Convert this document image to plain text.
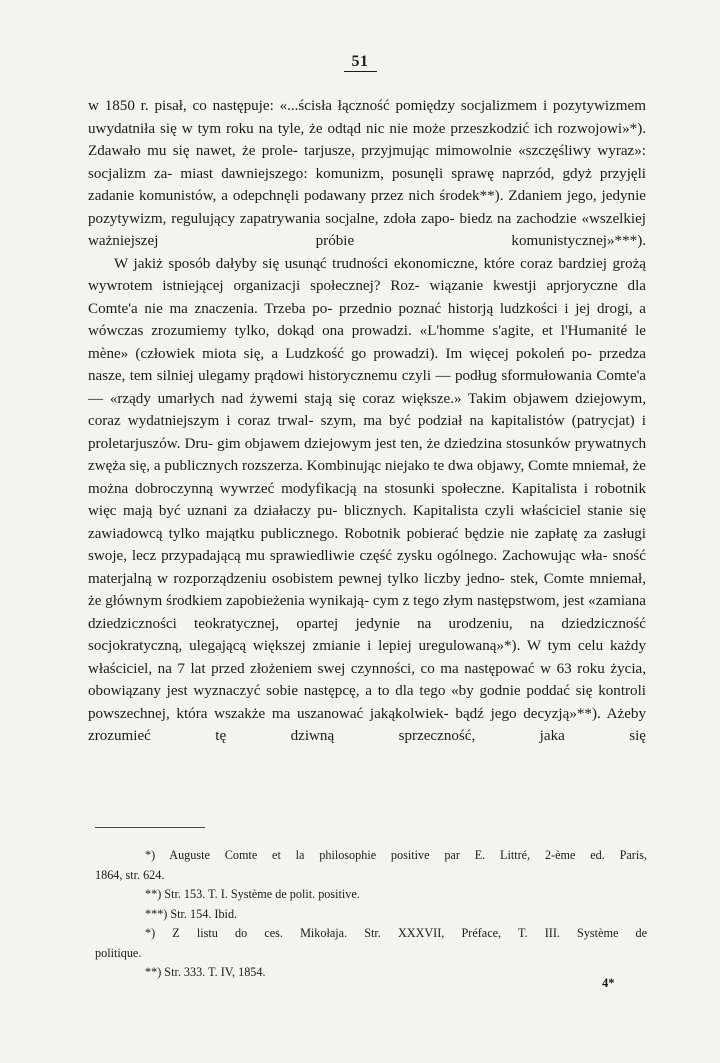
51

w 1850 r. pisał, co następuje: «...ścisła łączność pomiędzy socjalizmem i pozytywizmem uwydatniła się w tym roku na tyle, że odtąd nic nie może przeszkodzić ich rozwojowi»*). Zdawało mu się nawet, że prole- tarjusze, przyjmując mimowolnie «szczęśliwy wyraz»: socjalizm za- miast dawniejszego: komunizm, posunęli sprawę naprzód, gdyż przyjęli zadanie komunistów, a odepchnęli podawany przez nich środek**). Zdaniem jego, jedynie pozytywizm, regulujący zapatrywania socjalne, zdoła zapo- biedz na zachodzie «wszelkiej ważniejszej próbie komunistycznej»***).

W jakiż sposób dałyby się usunąć trudności ekonomiczne, które coraz bardziej grożą wywrotem istniejącej organizacji społecznej? Roz- wiązanie kwestji aprjoryczne dla Comte'a nie ma znaczenia. Trzeba po- przednio poznać historją ludzkości i jej drogi, a wówczas zrozumiemy tylko, dokąd ona prowadzi. «L'homme s'agite, et l'Humanité le mène» (człowiek miota się, a Ludzkość go prowadzi). Im więcej pokoleń po- przedza nasze, tem silniej ulegamy prądowi historycznemu czyli — podług sformułowania Comte'a — «rządy umarłych nad żywemi stają się coraz większe.» Takim objawem dziejowym, coraz wydatniejszym i coraz trwal- szym, ma być podział na kapitalistów (patrycjat) i proletarjuszów. Dru- gim objawem dziejowym jest ten, że dziedzina stosunków prywatnych zwęża się, a publicznych rozszerza. Kombinując niejako te dwa objawy, Comte mniemał, że można dobroczynną wywrzeć modyfikacją na stosunki społeczne. Kapitalista i robotnik więc mają być uznani za działaczy pu- blicznych. Kapitalista czyli właściciel stanie się zawiadowcą tylko majątku publicznego. Robotnik pobierać będzie nie zapłatę za zasługi swoje, lecz przypadającą mu sprawiedliwie część zysku ogólnego. Zachowując wła- sność materjalną w rozporządzeniu osobistem pewnej tylko liczby jedno- stek, Comte mniemał, że głównym środkiem zapobieżenia wynikają- cym z tego złym następstwom, jest «zamiana dziedziczności teokratycznej, opartej jedynie na urodzeniu, na dziedziczność socjokratyczną, ulegającą większej zmianie i lepiej uregulowaną»*). W tym celu każdy właściciel, na 7 lat przed złożeniem swej czynności, co ma następować w 63 roku życia, obowiązany jest wyznaczyć sobie następcę, a to dla tego «by godnie poddać się kontroli powszechnej, która wszakże ma uszanować jakąkolwiek- bądź jego decyzją»**). Ażeby zrozumieć tę dziwną sprzeczność, jaka się

*) Auguste Comte et la philosophie positive par E. Littré, 2-ème ed. Paris,

1864, str. 624.

**) Str. 153. T. I. Système de polit. positive.

***) Str. 154. Ibid.

*) Z listu do ces. Mikołaja. Str. XXXVII, Préface, T. III. Système de

politique.

**) Str. 333. T. IV, 1854.

4*
